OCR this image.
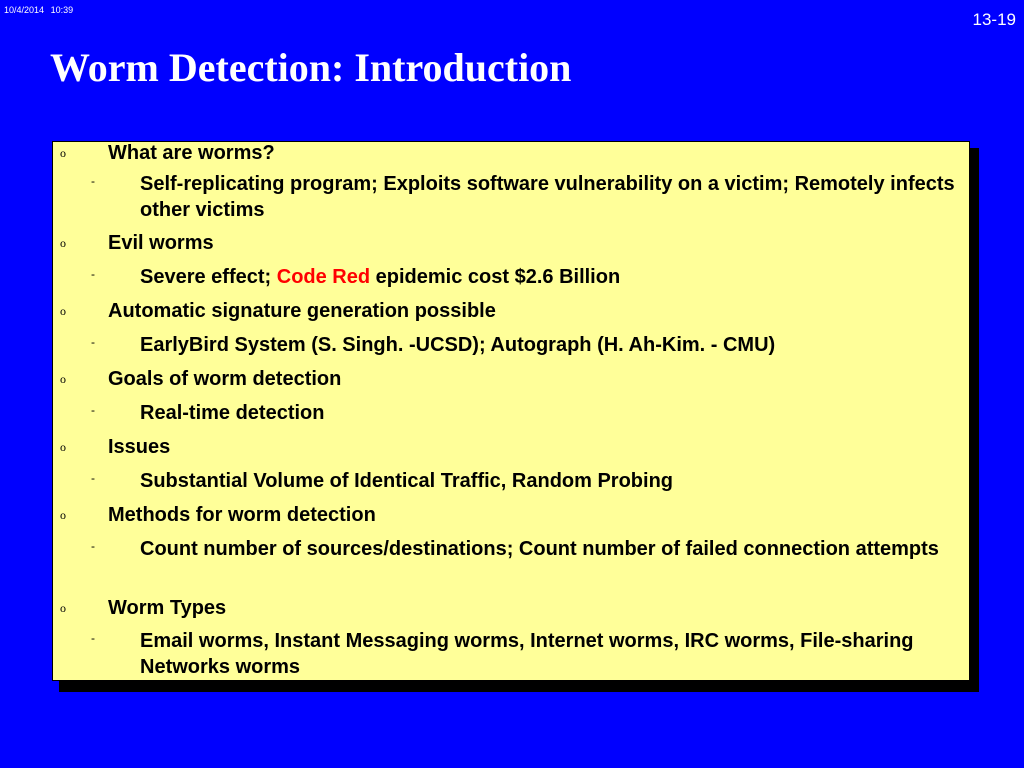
10/4/2014 10:39	13-19
Worm Detection: Introduction
o What are worms?
- Self-replicating program; Exploits software vulnerability on a victim; Remotely infects other victims
o Evil worms
- Severe effect; Code Red epidemic cost $2.6 Billion
o Automatic signature generation possible
- EarlyBird System (S. Singh. -UCSD); Autograph (H. Ah-Kim. - CMU)
o Goals of worm detection
- Real-time detection
o Issues
- Substantial Volume of Identical Traffic, Random Probing
o Methods for worm detection
- Count number of sources/destinations; Count number of failed connection attempts
o Worm Types
- Email worms, Instant Messaging worms, Internet worms, IRC worms, File-sharing Networks worms
